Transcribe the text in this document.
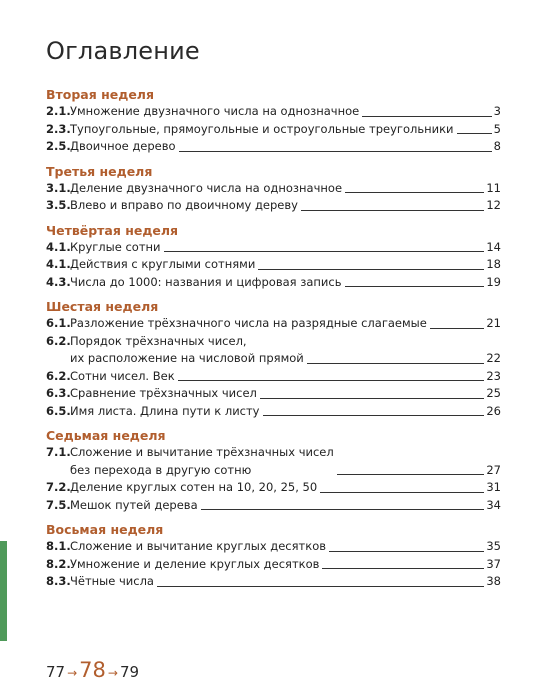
Оглавление
Вторая неделя
2.1. Умножение двузначного числа на однозначное	3
2.3. Тупоугольные, прямоугольные и остроугольные треугольники	5
2.5. Двоичное дерево	8
Третья неделя
3.1. Деление двузначного числа на однозначное	11
3.5. Влево и вправо по двоичному дереву	12
Четвёртая неделя
4.1. Круглые сотни	14
4.1. Действия с круглыми сотнями	18
4.3. Числа до 1000: названия и цифровая запись	19
Шестая неделя
6.1. Разложение трёхзначного числа на разрядные слагаемые	21
6.2. Порядок трёхзначных чисел,
их расположение на числовой прямой	22
6.2. Сотни чисел. Век	23
6.3. Сравнение трёхзначных чисел	25
6.5. Имя листа. Длина пути к листу	26
Седьмая неделя
7.1. Сложение и вычитание трёхзначных чисел
без перехода в другую сотню	27
7.2. Деление круглых сотен на 10, 20, 25, 50	31
7.5. Мешок путей дерева	34
Восьмая неделя
8.1. Сложение и вычитание круглых десятков	35
8.2. Умножение и деление круглых десятков	37
8.3. Чётные числа	38
77 → 78 → 79
